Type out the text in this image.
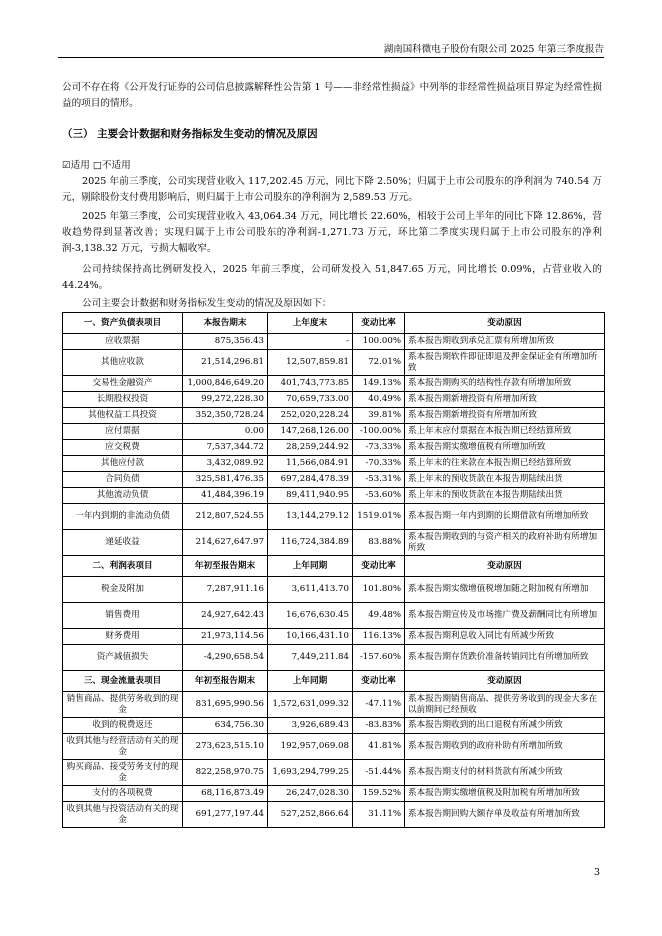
湖南国科微电子股份有限公司 2025 年第三季度报告
公司不存在将《公开发行证券的公司信息披露解释性公告第 1 号——非经常性损益》中列举的非经常性损益项目界定为经常性损益的项目的情形。
（三） 主要会计数据和财务指标发生变动的情况及原因
☑适用 □不适用
2025 年前三季度，公司实现营业收入 117,202.45 万元，同比下降 2.50%；归属于上市公司股东的净利润为 740.54 万元，剔除股份支付费用影响后，则归属于上市公司股东的净利润为 2,589.53 万元。
2025 年第三季度，公司实现营业收入 43,064.34 万元，同比增长 22.60%，相较于公司上半年的同比下降 12.86%，营收趋势得到显著改善；实现归属于上市公司股东的净利润-1,271.73 万元，环比第二季度实现归属于上市公司股东的净利润-3,138.32 万元，亏损大幅收窄。
公司持续保持高比例研发投入，2025 年前三季度，公司研发投入 51,847.65 万元，同比增长 0.09%，占营业收入的 44.24%。
公司主要会计数据和财务指标发生变动的情况及原因如下：
一、资产负债表项目	本报告期末	上年度末	变动比率	变动原因
应收票据	875,356.43	-	100.00%	系本报告期收到承兑汇票有所增加所致
其他应收款	21,514,296.81	12,507,859.81	72.01%	系本报告期软件即征即退及押金保证金有所增加所致
交易性金融资产	1,000,846,649.20	401,743,773.85	149.13%	系本报告期购买的结构性存款有所增加所致
长期股权投资	99,272,228.30	70,659,733.00	40.49%	系本报告期新增投资有所增加所致
其他权益工具投资	352,350,728.24	252,020,228.24	39.81%	系本报告期新增投资有所增加所致
应付票据	0.00	147,268,126.00	-100.00%	系上年末应付票据在本报告期已经结算所致
应交税费	7,537,344.72	28,259,244.92	-73.33%	系本报告期实缴增值税有所增加所致
其他应付款	3,432,089.92	11,566,084.91	-70.33%	系上年末的往来款在本报告期已经结算所致
合同负债	325,581,476.35	697,284,478.39	-53.31%	系上年末的预收货款在本报告期陆续出货
其他流动负债	41,484,396.19	89,411,940.95	-53.60%	系上年末的预收货款在本报告期陆续出货
一年内到期的非流动负债	212,807,524.55	13,144,279.12	1519.01%	系本报告期一年内到期的长期借款有所增加所致
递延收益	214,627,647.97	116,724,384.89	83.88%	系本报告期收到的与资产相关的政府补助有所增加所致
二、利润表项目	年初至报告期末	上年同期	变动比率	变动原因
税金及附加	7,287,911.16	3,611,413.70	101.80%	系本报告期实缴增值税增加随之附加税有所增加
销售费用	24,927,642.43	16,676,630.45	49.48%	系本报告期宣传及市场推广费及薪酬同比有所增加
财务费用	21,973,114.56	10,166,431.10	116.13%	系本报告期利息收入同比有所减少所致
资产减值损失	-4,290,658.54	7,449,211.84	-157.60%	系本报告期存货跌价准备转销同比有所增加所致
三、现金流量表项目	年初至报告期末	上年同期	变动比率	变动原因
销售商品、提供劳务收到的现金	831,695,990.56	1,572,631,099.32	-47.11%	系本报告期销售商品、提供劳务收到的现金大多在以前期间已经预收
收到的税费返还	634,756.30	3,926,689.43	-83.83%	系本报告期收到的出口退税有所减少所致
收到其他与经营活动有关的现金	273,623,515.10	192,957,069.08	41.81%	系本报告期收到的政府补助有所增加所致
购买商品、接受劳务支付的现金	822,258,970.75	1,693,294,799.25	-51.44%	系本报告期支付的材料货款有所减少所致
支付的各项税费	68,116,873.49	26,247,028.30	159.52%	系本报告期实缴增值税及附加税有所增加所致
收到其他与投资活动有关的现金	691,277,197.44	527,252,866.64	31.11%	系本报告期回购大额存单及收益有所增加所致
3
